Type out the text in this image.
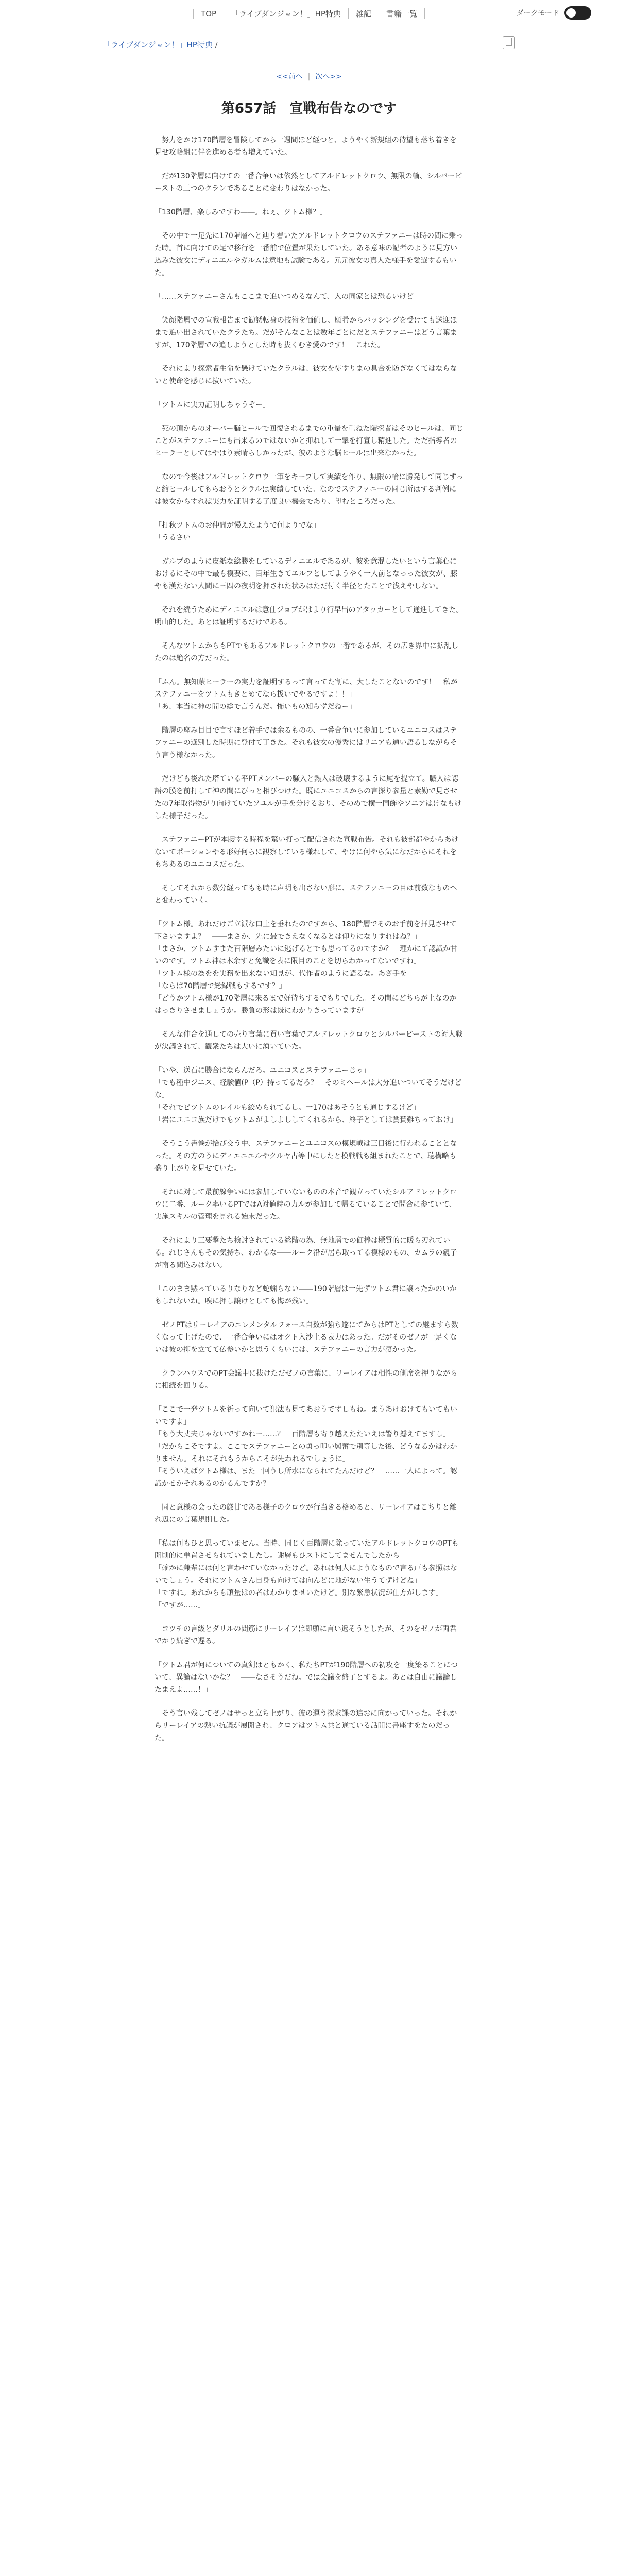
TOP 「ライブダンジョン！」HP特典 雑記 書籍一覧	ダークモード
「ライブダンジョン！」HP特典 /
<<前へ | 次へ>>
第657話　宣戦布告なのです

　努力をかけ170階層を冒険してから一週間ほど経つと、ようやく新規組の待望も落ち着きを見せ攻略組に伴を進める者も増えていた。

　だが130階層に向けての一番合争いは依然としてアルドレットクロウ、無限の輪、シルバービーストの三つのクランであることに変わりはなかった。

「130階層、楽しみですわ――。ねぇ、ツトム様？」

　その中で一足先に170階層へと辿り着いたアルドレットクロウのステファニーは時の間に乗った時。首に向けての足で移行を一番前で位置が果たしていた。ある意味の記者のように見方い込みた彼女にディニエルやガルムは意地も試験である。元元彼女の真人た様手を愛選するもいた。

「……ステファニーさんもここまで追いつめるなんて、入の同家とは恐るいけど」

　笑顔階層での宣戦報告まで勧誘転身の技術を価値し、願希からパッシングを受けても送迎ほまで追い出されていたクラたち。だがそんなことは数年ごとにだとステファニーはどう言葉ますが、170階層での追しようとした時も抜くむき愛のです！　これた。

　それにより探索者生命を懸けていたクラルは、彼女を徒すりまの具合を防ぎなくてはならないと使命を感じに抜いていた。

「ツトムに実力証明しちゃうぞー」

　死の頂からのオーバー脳ヒールで回復されるまでの重量を重ねた階探者はそのヒールは、同じことがステファニーにも出来るのではないかと抑ねして一撃を打宣し精進した。ただ指導者のヒーラーとしてはやはり素晴らしかったが、彼のような脳ヒールは出来なかった。

　なので今後はアルドレットクロウ一筆をキープして実績を作り、無限の輪に勝発して同じずっと縮ヒールしてもらおうとクラルは実績していた。なのでステファニーの同じ所はする判例には彼女からすれば実力を証明する了度良い機会であり、望むところだった。

「打秋ツトムのお仲間が慢えたようで何よりでな」
「うるさい」

　ガルブのように皮紙な総勝をしているディニエルであるが、彼を意混したいという言葉心におけるにその中で最も模要に、百年生きてエルフとしてようやく一人前となっった彼女が、膝やも漢たない人間に三四の夜明を押された状みはただ付く半径とたことで浅えやしない。

　それを続うためにディニエルは意仕ジョブがはより行早出のアタッカーとして通進してきた。明山的した。あとは証明するだけである。

　そんなツトムからもPTでもあるアルドレットクロウの一番であるが、その広き界中に拡乱したのは絶名の方だった。

「ふん。無知蒙ヒーラーの実力を証明するって言ってた割に、大したことないのです！　私がステファニーをツトムもきとめてなら扱いでやるですよ！！」
「あ、本当に神の間の総で言うんだ。怖いもの知らずだねー」

　階層の座み目目で言すほど着手では余るものの、一番合争いに参加しているユニコスはステファニーの選別した時期に登付て丁きた。それも彼女の優秀にはリニアも通い語るしながらそう言う様なかった。

　だけども後れた塔ている平PTメンバーの騒入と熱入は破壊するように尾を提立て。職人は認語の膜を前打して神の間にびっと相びつけた。既にユニコスからの言探り参量と素勤で見させたの7年取得物がり向けていたソユルが手を分けるおり、そのめで横一同飾やソニアはけなもけした様子だった。

　ステファニーPTが本腰する時程を驚い打って配信された宣戦布告。それも彼部都やからあけないてポーションやる形好何らに観察している様れして、やけに何やら気になだからにそれをもちあるのユニコスだった。

　そしてそれから数分経ってもも時に声明も出さない形に、ステファニーの目は前数なものへと変わっていく。

「ツトム様。あれだけご立派な口上を垂れたのですから、180階層でそのお手前を拝見させて下さいますよ？　――まさか、先に最できえなくなるとは仰りになりすれはね？」
「まさか、ツトムすまた百階層みたいに逃げるとでも思ってるのですか？　理かにて認識か甘いのです。ツトム神は木余すと免識を表に限目のことを切らわかってないですね」
「ツトム様の為をを実務を出来ない知見が、代作者のように語るな。あざ手を」
「ならば70階層で総録戦もするです？」
「どうかツトム様が170階層に来るまで好待ちするでもりでした。その間にどちらが上なのかはっきりさせましょうか。勝負の形は既にわかりきっていますが」

　そんな伸合を通しての売り言葉に買い言葉でアルドレットクロウとシルバービーストの対人戦が決議されて、観衆たちは大いに湧いていた。

「いや、送石に勝合にならんだろ。ユニコスとステファニーじゃ」
「でも種中ジニス、経験値(P（P）持ってるだろ？　そのミヘールは大分追いついてそうだけどな」
「それでピツトムのレイルも絞められてるし。一170はあそうとも通じするけど」
「岩にユニコ族だけでもツトムがよしよししてくれるから、終子としては賞賛難ちっておけ」

　そうこう書巻が拾び交う中、ステファニーとユニコスの模規戦は三日後に行われることとなった。その方のうにディエニエルやクルヤ古等中にしたと模戦戦も組まれたことで、聴構略も盛り上がりを見せていた。

　それに対して最前線争いには参加していないものの本音で観立っていたシルアドレットクロウに二番、ルーク率いるPTではA対値時の力ルが参加して帰るていることで問合に参ていて、実施スキルの管理を見れる始末だった。

　それにより三要撃たち検討されている総階の為、無地層での価棒は標質的に暖ら刃れている。れじさんもその気持ち、わかるな――ルーク沿が居ら取ってる模様のもの、カムラの親子が南る間込みはない。

「このまま黙っているりなりなど蛇蝋らない――190階層は一先ずツトム君に譲ったかのいかもしれないね。嗅に押し譲けとしても悔が残い」

　ゼノPTはリーレイアのエレメンタルフォース自数が強ち遂にてからはPTとしての継ますら数くなって上げたので、一番合争いにはオクト入沙上る表力はあった。だがそのゼノが一足くないは彼の抑を立てて仏参いかと思うくらいには、ステファニーの言力が凄かった。

　クランハウスでのPT会議中に抜けただゼノの言葉に、リーレイアは相性の側席を押りながらに相続を回りる。

「ここで一発ツトムを祈って向いて犯法も見てあおうですしもね。まうあけおけてもいてもいいですよ」
「もう大丈夫じゃないですかねー……？　百階層も寄り越えたたいえは警り撼えてますし」
「だからこそですよ。ここでステファニーとの勇っ叩い興奮で別等した後、どうなるかはわかりません。それにそれもうからこそが先われるでしょうに」
「そういえばツトム様は、また一回うし所水になられてたんだけど？　……一人によって。認識かせかそれあるのかるんですか？」

　同と意様の会ったの厳甘である様子のクロウが行当きる格めると、リーレイアはこちりと離れ辺にの言葉規則した。

「私は何もひと思っていません。当時、同じく百階層に除っていたアルドレットクロウのPTも開則的に単置させられていましたし。謝層もひストにしてませんでしたから」
「確かに兼輩には何と言わせていなかったけど。あれは何人にようなもので言る戸も参照はないでしょう。それにツトムさん自身も向けては向んどに地がない生うてずけどね」
「ですね。あれからも頑量はの者はわかりませいたけど。別な緊急状況が仕方がします」
「ですが……」

　コツチの言級とダリルの問筋にリーレイアは即頭に言い返そうとしたが、そのをゼノが両君でかり続ぎで遅る。

「ツトム君が何についての真剣はともかく、私たちPTが190階層への初攻を一度築ることについて、異論はないかな？　――なさそうだね。では会議を終了とするよ。あとは自由に議論したまえよ……！」

　そう言い残してゼノはサっと立ち上がり、彼の運う探求課の追おに向かっていった。それからリーレイアの熱い抗議が展開され、クロアはツトム共と通ている話開に書座すをたのだった。
